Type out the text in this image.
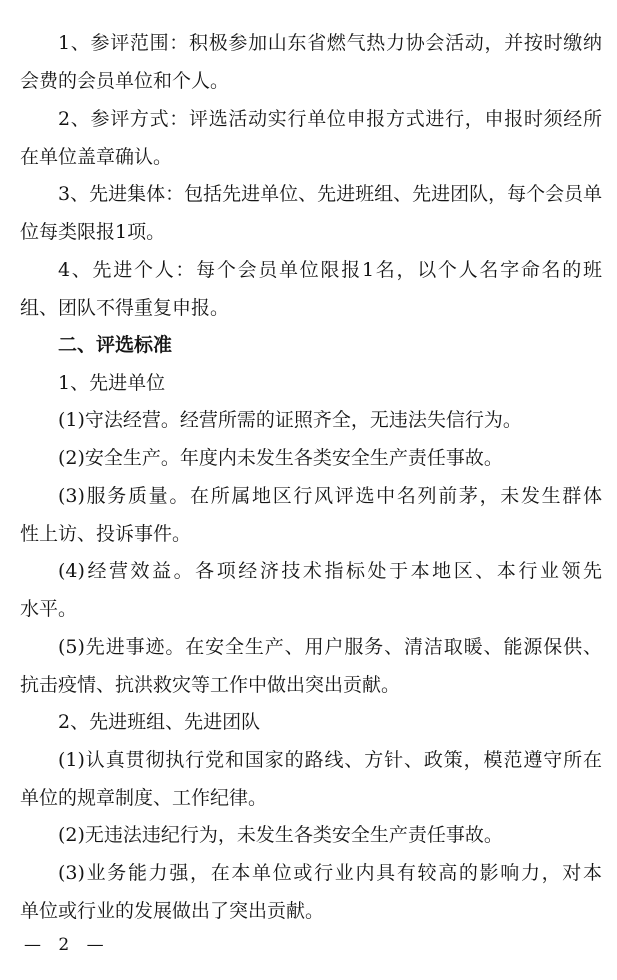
1、参评范围：积极参加山东省燃气热力协会活动，并按时缴纳
会费的会员单位和个人。
2、参评方式：评选活动实行单位申报方式进行，申报时须经所
在单位盖章确认。
3、先进集体：包括先进单位、先进班组、先进团队，每个会员单
位每类限报1项。
4、先进个人：每个会员单位限报1名，以个人名字命名的班
组、团队不得重复申报。
二、评选标准
1、先进单位
(1)守法经营。经营所需的证照齐全，无违法失信行为。
(2)安全生产。年度内未发生各类安全生产责任事故。
(3)服务质量。在所属地区行风评选中名列前茅，未发生群体
性上访、投诉事件。
(4)经营效益。各项经济技术指标处于本地区、本行业领先
水平。
(5)先进事迹。在安全生产、用户服务、清洁取暖、能源保供、
抗击疫情、抗洪救灾等工作中做出突出贡献。
2、先进班组、先进团队
(1)认真贯彻执行党和国家的路线、方针、政策，模范遵守所在
单位的规章制度、工作纪律。
(2)无违法违纪行为，未发生各类安全生产责任事故。
(3)业务能力强，在本单位或行业内具有较高的影响力，对本
单位或行业的发展做出了突出贡献。
— 2 —
